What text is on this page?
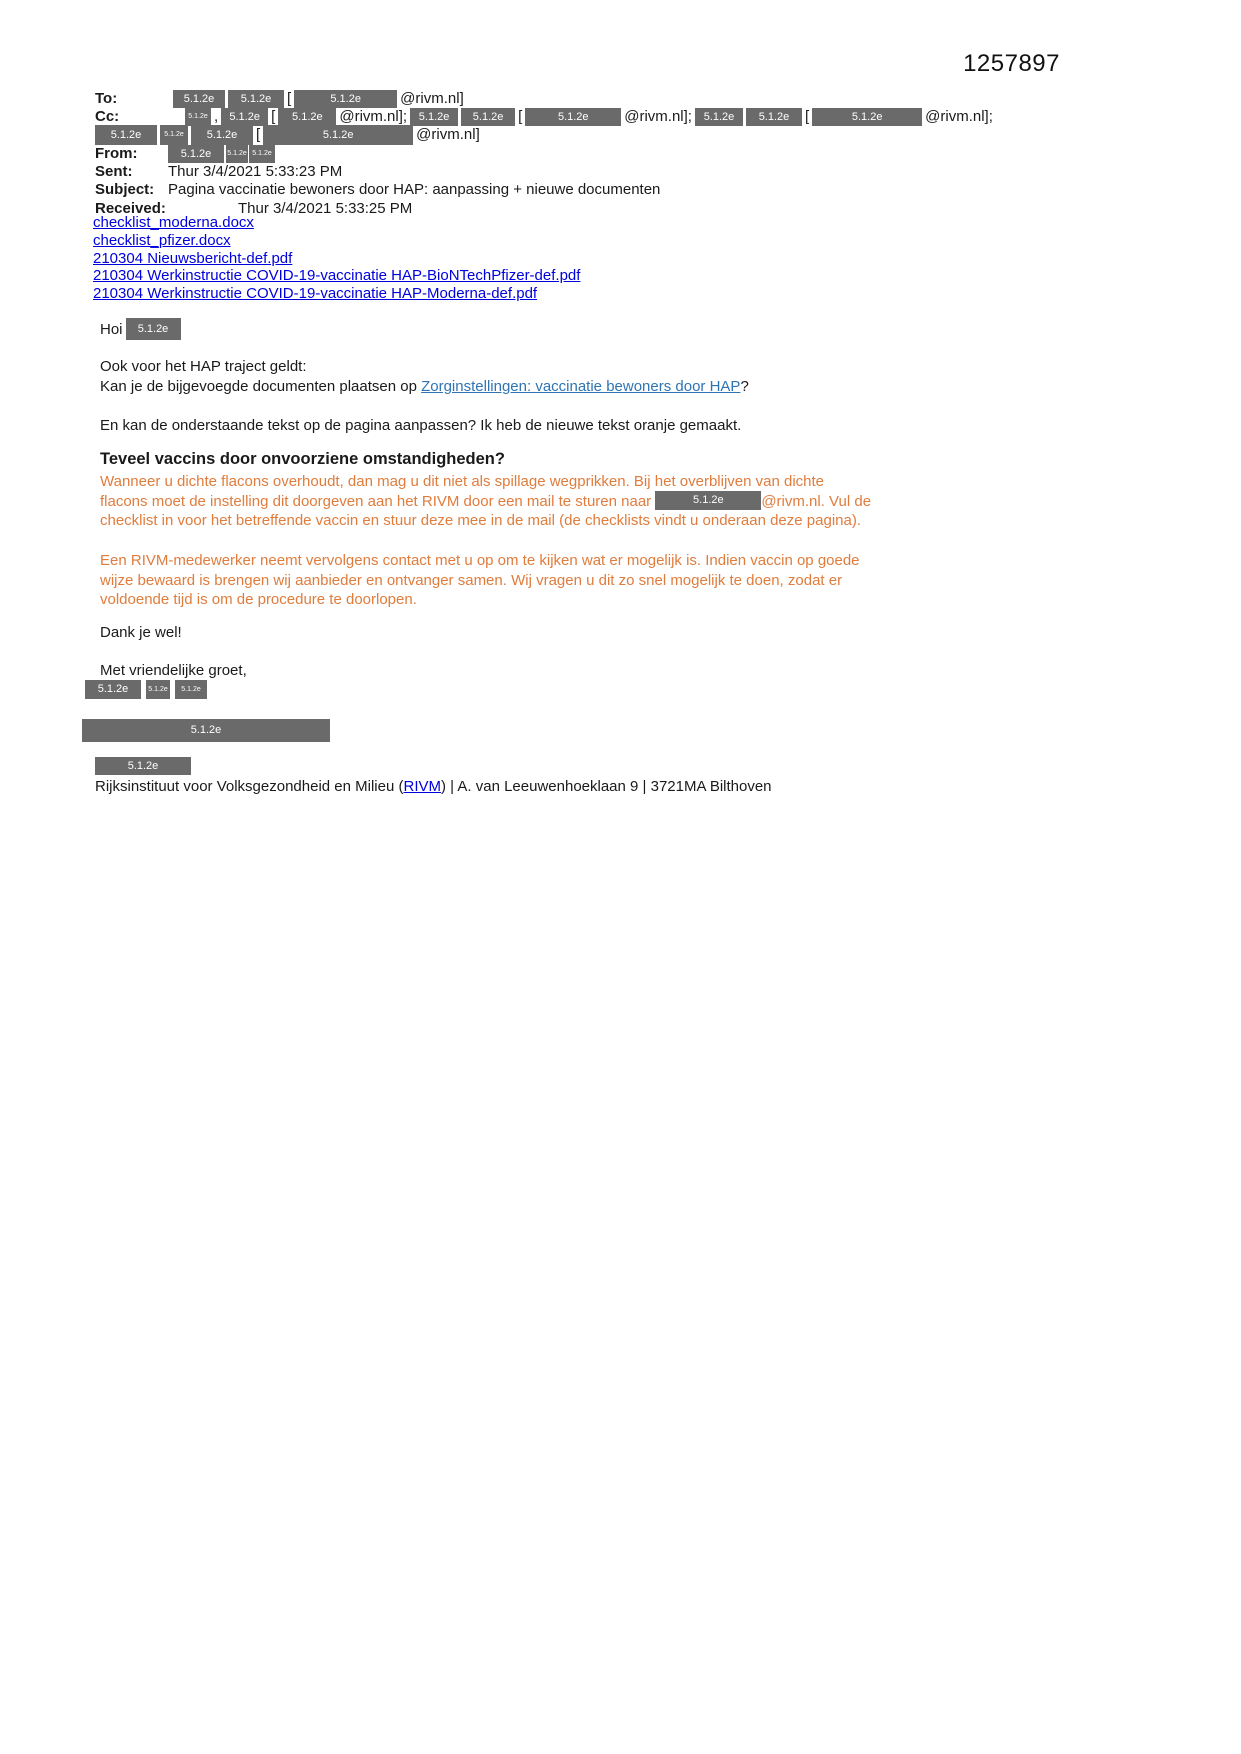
1257897
To:	5.1.2e	5.1.2e	[	5.1.2e	@rivm.nl]
Cc:	5.1.2e ,	5.1.2e [	5.1.2e	@rivm.nl];	5.1.2e	5.1.2e [	5.1.2e	@rivm.nl];	5.1.2e	5.1.2e	[	5.1.2e	@rivm.nl];
5.1.2e	5.1.2e	5.1.2e	[	5.1.2e	@rivm.nl]
From:	5.1.2e	5.1.2e 5.1.2e
Sent:	Thur 3/4/2021 5:33:23 PM
Subject: Pagina vaccinatie bewoners door HAP: aanpassing + nieuwe documenten
Received:	Thur 3/4/2021 5:33:25 PM
checklist_moderna.docx
checklist_pfizer.docx
210304 Nieuwsbericht-def.pdf
210304 Werkinstructie COVID-19-vaccinatie HAP-BioNTechPfizer-def.pdf
210304 Werkinstructie COVID-19-vaccinatie HAP-Moderna-def.pdf
Hoi	5.1.2e
Ook voor het HAP traject geldt:
Kan je de bijgevoegde documenten plaatsen op Zorginstellingen: vaccinatie bewoners door HAP?
En kan de onderstaande tekst op de pagina aanpassen? Ik heb de nieuwe tekst oranje gemaakt.
Teveel vaccins door onvoorziene omstandigheden?
Wanneer u dichte flacons overhoudt, dan mag u dit niet als spillage wegprikken. Bij het overblijven van dichte
flacons moet de instelling dit doorgeven aan het RIVM door een mail te sturen naar	5.1.2e	@rivm.nl. Vul de
checklist in voor het betreffende vaccin en stuur deze mee in de mail (de checklists vindt u onderaan deze pagina).
Een RIVM-medewerker neemt vervolgens contact met u op om te kijken wat er mogelijk is. Indien vaccin op goede
wijze bewaard is brengen wij aanbieder en ontvanger samen. Wij vragen u dit zo snel mogelijk te doen, zodat er
voldoende tijd is om de procedure te doorlopen.
Dank je wel!
Met vriendelijke groet,
5.1.2e	5.1.2e	5.1.2e
5.1.2e
5.1.2e
Rijksinstituut voor Volksgezondheid en Milieu (RIVM) | A. van Leeuwenhoeklaan 9 | 3721MA Bilthoven
